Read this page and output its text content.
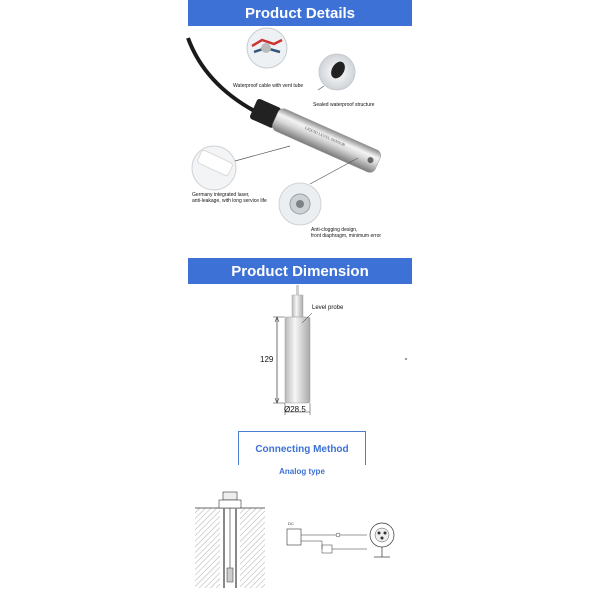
Product Details
LIQUID LEVEL SENSOR
Waterproof cable with vent tube
Sealed waterproof structure
Germany integrated laser,
anti-leakage, with long service life
Anti-clogging design,
front diaphragm, minimum error
Product Dimension
Level probe
129
Ø28.5
Connecting Method
Analog type
DC
